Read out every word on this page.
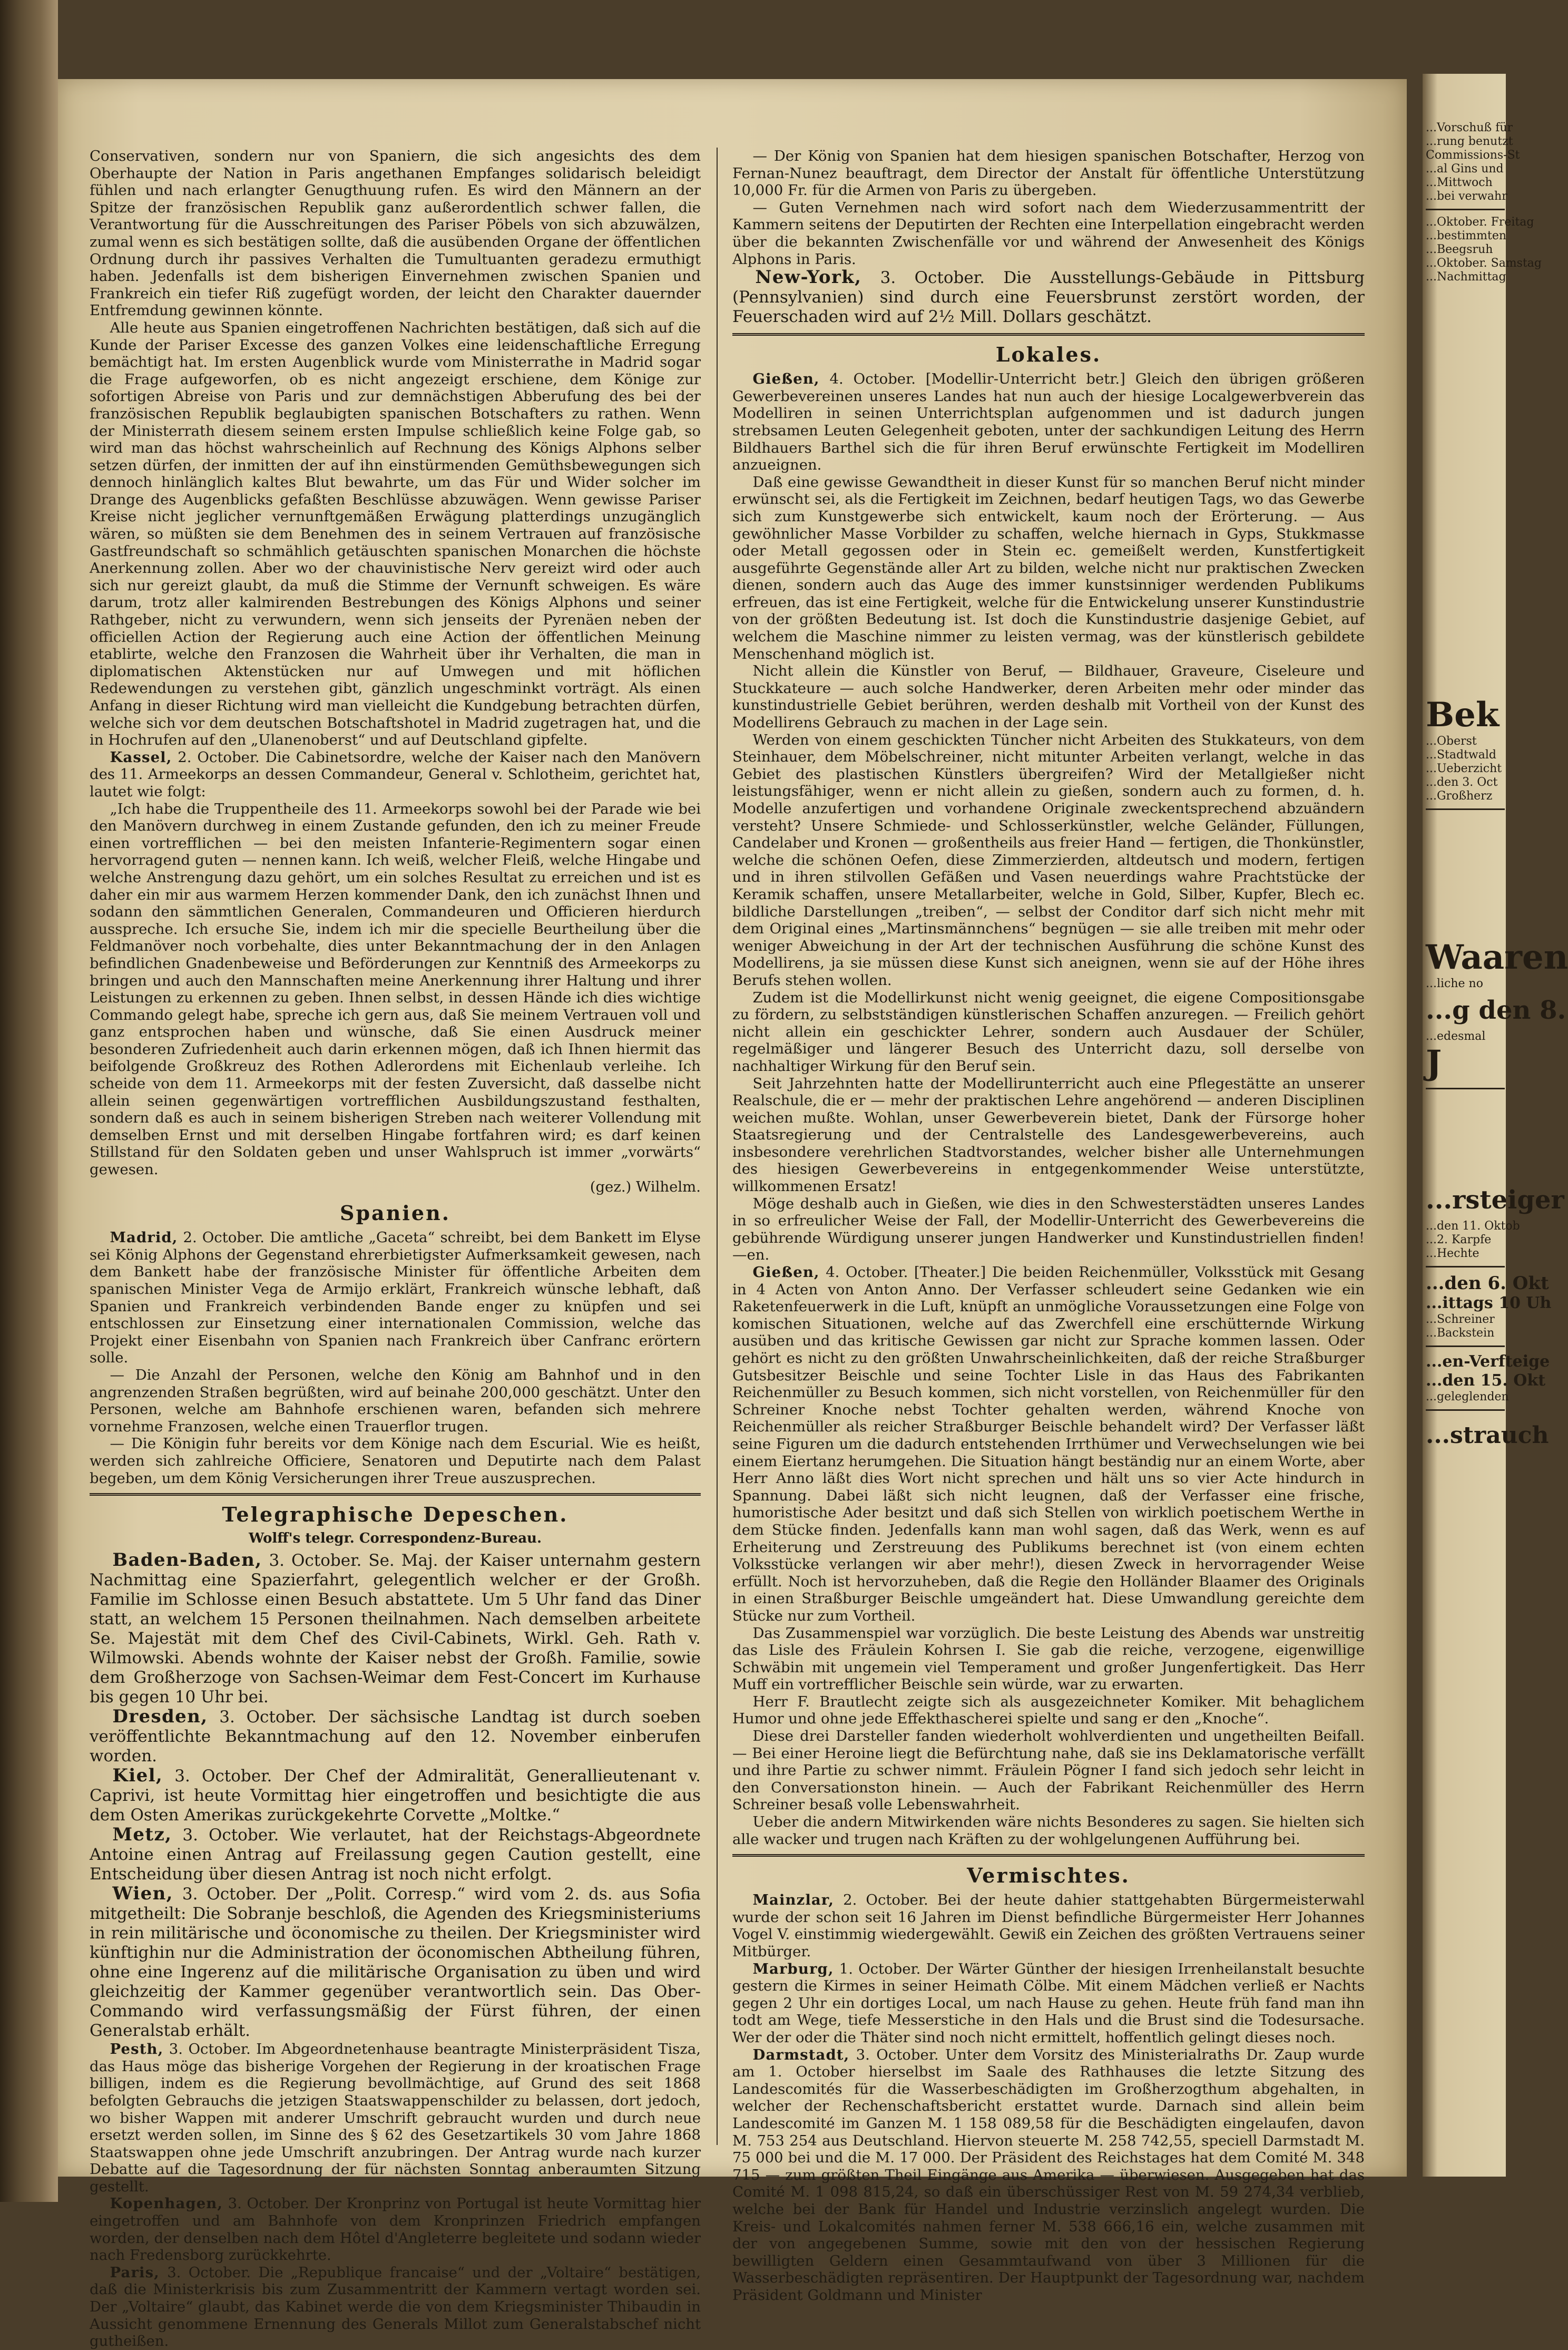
Conservativen, sondern nur von Spaniern, die sich angesichts des dem Oberhaupte der Nation in Paris angethanen Empfanges solidarisch beleidigt fühlen und nach erlangter Genugthuung rufen. Es wird den Männern an der Spitze der französischen Republik ganz außerordentlich schwer fallen, die Verantwortung für die Ausschreitungen des Pariser Pöbels von sich abzuwälzen, zumal wenn es sich bestätigen sollte, daß die ausübenden Organe der öffentlichen Ordnung durch ihr passives Verhalten die Tumultuanten geradezu ermuthigt haben. Jedenfalls ist dem bisherigen Einvernehmen zwischen Spanien und Frankreich ein tiefer Riß zugefügt worden, der leicht den Charakter dauernder Entfremdung gewinnen könnte.

Alle heute aus Spanien eingetroffenen Nachrichten bestätigen, daß sich auf die Kunde der Pariser Excesse des ganzen Volkes eine leidenschaftliche Erregung bemächtigt hat. Im ersten Augenblick wurde vom Ministerrathe in Madrid sogar die Frage aufgeworfen, ob es nicht angezeigt erschiene, dem Könige zur sofortigen Abreise von Paris und zur demnächstigen Abberufung des bei der französischen Republik beglaubigten spanischen Botschafters zu rathen. Wenn der Ministerrath diesem seinem ersten Impulse schließlich keine Folge gab, so wird man das höchst wahrscheinlich auf Rechnung des Königs Alphons selber setzen dürfen, der inmitten der auf ihn einstürmenden Gemüthsbewegungen sich dennoch hinlänglich kaltes Blut bewahrte, um das Für und Wider solcher im Drange des Augenblicks gefaßten Beschlüsse abzuwägen. Wenn gewisse Pariser Kreise nicht jeglicher vernunftgemäßen Erwägung platterdings unzugänglich wären, so müßten sie dem Benehmen des in seinem Vertrauen auf französische Gastfreundschaft so schmählich getäuschten spanischen Monarchen die höchste Anerkennung zollen. Aber wo der chauvinistische Nerv gereizt wird oder auch sich nur gereizt glaubt, da muß die Stimme der Vernunft schweigen. Es wäre darum, trotz aller kalmirenden Bestrebungen des Königs Alphons und seiner Rathgeber, nicht zu verwundern, wenn sich jenseits der Pyrenäen neben der officiellen Action der Regierung auch eine Action der öffentlichen Meinung etablirte, welche den Franzosen die Wahrheit über ihr Verhalten, die man in diplomatischen Aktenstücken nur auf Umwegen und mit höflichen Redewendungen zu verstehen gibt, gänzlich ungeschminkt vorträgt. Als einen Anfang in dieser Richtung wird man vielleicht die Kundgebung betrachten dürfen, welche sich vor dem deutschen Botschaftshotel in Madrid zugetragen hat, und die in Hochrufen auf den „Ulanenoberst“ und auf Deutschland gipfelte.

Kassel, 2. October. Die Cabinetsordre, welche der Kaiser nach den Manövern des 11. Armeekorps an dessen Commandeur, General v. Schlotheim, gerichtet hat, lautet wie folgt:

„Ich habe die Truppentheile des 11. Armeekorps sowohl bei der Parade wie bei den Manövern durchweg in einem Zustande gefunden, den ich zu meiner Freude einen vortrefflichen — bei den meisten Infanterie-Regimentern sogar einen hervorragend guten — nennen kann. Ich weiß, welcher Fleiß, welche Hingabe und welche Anstrengung dazu gehört, um ein solches Resultat zu erreichen und ist es daher ein mir aus warmem Herzen kommender Dank, den ich zunächst Ihnen und sodann den sämmtlichen Generalen, Commandeuren und Officieren hierdurch ausspreche. Ich ersuche Sie, indem ich mir die specielle Beurtheilung über die Feldmanöver noch vorbehalte, dies unter Bekanntmachung der in den Anlagen befindlichen Gnadenbeweise und Beförderungen zur Kenntniß des Armeekorps zu bringen und auch den Mannschaften meine Anerkennung ihrer Haltung und ihrer Leistungen zu erkennen zu geben. Ihnen selbst, in dessen Hände ich dies wichtige Commando gelegt habe, spreche ich gern aus, daß Sie meinem Vertrauen voll und ganz entsprochen haben und wünsche, daß Sie einen Ausdruck meiner besonderen Zufriedenheit auch darin erkennen mögen, daß ich Ihnen hiermit das beifolgende Großkreuz des Rothen Adlerordens mit Eichenlaub verleihe. Ich scheide von dem 11. Armeekorps mit der festen Zuversicht, daß dasselbe nicht allein seinen gegenwärtigen vortrefflichen Ausbildungszustand festhalten, sondern daß es auch in seinem bisherigen Streben nach weiterer Vollendung mit demselben Ernst und mit derselben Hingabe fortfahren wird; es darf keinen Stillstand für den Soldaten geben und unser Wahlspruch ist immer „vorwärts“ gewesen.

(gez.) Wilhelm.
Spanien.

Madrid, 2. October. Die amtliche „Gaceta“ schreibt, bei dem Bankett im Elyse sei König Alphons der Gegenstand ehrerbietigster Aufmerksamkeit gewesen, nach dem Bankett habe der französische Minister für öffentliche Arbeiten dem spanischen Minister Vega de Armijo erklärt, Frankreich wünsche lebhaft, daß Spanien und Frankreich verbindenden Bande enger zu knüpfen und sei entschlossen zur Einsetzung einer internationalen Commission, welche das Projekt einer Eisenbahn von Spanien nach Frankreich über Canfranc erörtern solle.

— Die Anzahl der Personen, welche den König am Bahnhof und in den angrenzenden Straßen begrüßten, wird auf beinahe 200,000 geschätzt. Unter den Personen, welche am Bahnhofe erschienen waren, befanden sich mehrere vornehme Franzosen, welche einen Trauerflor trugen.

— Die Königin fuhr bereits vor dem Könige nach dem Escurial. Wie es heißt, werden sich zahlreiche Officiere, Senatoren und Deputirte nach dem Palast begeben, um dem König Versicherungen ihrer Treue auszusprechen.

Telegraphische Depeschen.
Wolff's telegr. Correspondenz-Bureau.

Baden-Baden, 3. October. Se. Maj. der Kaiser unternahm gestern Nachmittag eine Spazierfahrt, gelegentlich welcher er der Großh. Familie im Schlosse einen Besuch abstattete. Um 5 Uhr fand das Diner statt, an welchem 15 Personen theilnahmen. Nach demselben arbeitete Se. Majestät mit dem Chef des Civil-Cabinets, Wirkl. Geh. Rath v. Wilmowski. Abends wohnte der Kaiser nebst der Großh. Familie, sowie dem Großherzoge von Sachsen-Weimar dem Fest-Concert im Kurhause bis gegen 10 Uhr bei.

Dresden, 3. October. Der sächsische Landtag ist durch soeben veröffentlichte Bekanntmachung auf den 12. November einberufen worden.

Kiel, 3. October. Der Chef der Admiralität, Generallieutenant v. Caprivi, ist heute Vormittag hier eingetroffen und besichtigte die aus dem Osten Amerikas zurückgekehrte Corvette „Moltke.“

Metz, 3. October. Wie verlautet, hat der Reichstags-Abgeordnete Antoine einen Antrag auf Freilassung gegen Caution gestellt, eine Entscheidung über diesen Antrag ist noch nicht erfolgt.

Wien, 3. October. Der „Polit. Corresp.“ wird vom 2. ds. aus Sofia mitgetheilt: Die Sobranje beschloß, die Agenden des Kriegsministeriums in rein militärische und öconomische zu theilen. Der Kriegsminister wird künftighin nur die Administration der öconomischen Abtheilung führen, ohne eine Ingerenz auf die militärische Organisation zu üben und wird gleichzeitig der Kammer gegenüber verantwortlich sein. Das Ober-Commando wird verfassungsmäßig der Fürst führen, der einen Generalstab erhält.

Pesth, 3. October. Im Abgeordnetenhause beantragte Ministerpräsident Tisza, das Haus möge das bisherige Vorgehen der Regierung in der kroatischen Frage billigen, indem es die Regierung bevollmächtige, auf Grund des seit 1868 befolgten Gebrauchs die jetzigen Staatswappenschilder zu belassen, dort jedoch, wo bisher Wappen mit anderer Umschrift gebraucht wurden und durch neue ersetzt werden sollen, im Sinne des § 62 des Gesetzartikels 30 vom Jahre 1868 Staatswappen ohne jede Umschrift anzubringen. Der Antrag wurde nach kurzer Debatte auf die Tagesordnung der für nächsten Sonntag anberaumten Sitzung gestellt.

Kopenhagen, 3. October. Der Kronprinz von Portugal ist heute Vormittag hier eingetroffen und am Bahnhofe von dem Kronprinzen Friedrich empfangen worden, der denselben nach dem Hôtel d'Angleterre begleitete und sodann wieder nach Fredensborg zurückkehrte.

Paris, 3. October. Die „Republique francaise“ und der „Voltaire“ bestätigen, daß die Ministerkrisis bis zum Zusammentritt der Kammern vertagt worden sei. Der „Voltaire“ glaubt, das Kabinet werde die von dem Kriegsminister Thibaudin in Aussicht genommene Ernennung des Generals Millot zum Generalstabschef nicht gutheißen.

— Der König von Spanien hat dem hiesigen spanischen Botschafter, Herzog von Fernan-Nunez beauftragt, dem Director der Anstalt für öffentliche Unterstützung 10,000 Fr. für die Armen von Paris zu übergeben.

— Guten Vernehmen nach wird sofort nach dem Wiederzusammentritt der Kammern seitens der Deputirten der Rechten eine Interpellation eingebracht werden über die bekannten Zwischenfälle vor und während der Anwesenheit des Königs Alphons in Paris.

New-York, 3. October. Die Ausstellungs-Gebäude in Pittsburg (Pennsylvanien) sind durch eine Feuersbrunst zerstört worden, der Feuerschaden wird auf 2½ Mill. Dollars geschätzt.

Lokales.

Gießen, 4. October. [Modellir-Unterricht betr.] Gleich den übrigen größeren Gewerbevereinen unseres Landes hat nun auch der hiesige Localgewerbverein das Modelliren in seinen Unterrichtsplan aufgenommen und ist dadurch jungen strebsamen Leuten Gelegenheit geboten, unter der sachkundigen Leitung des Herrn Bildhauers Barthel sich die für ihren Beruf erwünschte Fertigkeit im Modelliren anzueignen.

Daß eine gewisse Gewandtheit in dieser Kunst für so manchen Beruf nicht minder erwünscht sei, als die Fertigkeit im Zeichnen, bedarf heutigen Tags, wo das Gewerbe sich zum Kunstgewerbe sich entwickelt, kaum noch der Erörterung. — Aus gewöhnlicher Masse Vorbilder zu schaffen, welche hiernach in Gyps, Stukkmasse oder Metall gegossen oder in Stein ec. gemeißelt werden, Kunstfertigkeit ausgeführte Gegenstände aller Art zu bilden, welche nicht nur praktischen Zwecken dienen, sondern auch das Auge des immer kunstsinniger werdenden Publikums erfreuen, das ist eine Fertigkeit, welche für die Entwickelung unserer Kunstindustrie von der größten Bedeutung ist. Ist doch die Kunstindustrie dasjenige Gebiet, auf welchem die Maschine nimmer zu leisten vermag, was der künstlerisch gebildete Menschenhand möglich ist.

Nicht allein die Künstler von Beruf, — Bildhauer, Graveure, Ciseleure und Stuckkateure — auch solche Handwerker, deren Arbeiten mehr oder minder das kunstindustrielle Gebiet berühren, werden deshalb mit Vortheil von der Kunst des Modellirens Gebrauch zu machen in der Lage sein.

Werden von einem geschickten Tüncher nicht Arbeiten des Stukkateurs, von dem Steinhauer, dem Möbelschreiner, nicht mitunter Arbeiten verlangt, welche in das Gebiet des plastischen Künstlers übergreifen? Wird der Metallgießer nicht leistungsfähiger, wenn er nicht allein zu gießen, sondern auch zu formen, d. h. Modelle anzufertigen und vorhandene Originale zweckentsprechend abzuändern versteht? Unsere Schmiede- und Schlosserkünstler, welche Geländer, Füllungen, Candelaber und Kronen — großentheils aus freier Hand — fertigen, die Thonkünstler, welche die schönen Oefen, diese Zimmerzierden, altdeutsch und modern, fertigen und in ihren stilvollen Gefäßen und Vasen neuerdings wahre Prachtstücke der Keramik schaffen, unsere Metallarbeiter, welche in Gold, Silber, Kupfer, Blech ec. bildliche Darstellungen „treiben“, — selbst der Conditor darf sich nicht mehr mit dem Original eines „Martinsmännchens“ begnügen — sie alle treiben mit mehr oder weniger Abweichung in der Art der technischen Ausführung die schöne Kunst des Modellirens, ja sie müssen diese Kunst sich aneignen, wenn sie auf der Höhe ihres Berufs stehen wollen.

Zudem ist die Modellirkunst nicht wenig geeignet, die eigene Compositionsgabe zu fördern, zu selbstständigen künstlerischen Schaffen anzuregen. — Freilich gehört nicht allein ein geschickter Lehrer, sondern auch Ausdauer der Schüler, regelmäßiger und längerer Besuch des Unterricht dazu, soll derselbe von nachhaltiger Wirkung für den Beruf sein.

Seit Jahrzehnten hatte der Modellirunterricht auch eine Pflegestätte an unserer Realschule, die er — mehr der praktischen Lehre angehörend — anderen Disciplinen weichen mußte. Wohlan, unser Gewerbeverein bietet, Dank der Fürsorge hoher Staatsregierung und der Centralstelle des Landesgewerbevereins, auch insbesondere verehrlichen Stadtvorstandes, welcher bisher alle Unternehmungen des hiesigen Gewerbevereins in entgegenkommender Weise unterstützte, willkommenen Ersatz!

Möge deshalb auch in Gießen, wie dies in den Schwesterstädten unseres Landes in so erfreulicher Weise der Fall, der Modellir-Unterricht des Gewerbevereins die gebührende Würdigung unserer jungen Handwerker und Kunstindustriellen finden! —en.

Gießen, 4. October. [Theater.] Die beiden Reichenmüller, Volksstück mit Gesang in 4 Acten von Anton Anno. Der Verfasser schleudert seine Gedanken wie ein Raketenfeuerwerk in die Luft, knüpft an unmögliche Voraussetzungen eine Folge von komischen Situationen, welche auf das Zwerchfell eine erschütternde Wirkung ausüben und das kritische Gewissen gar nicht zur Sprache kommen lassen. Oder gehört es nicht zu den größten Unwahrscheinlichkeiten, daß der reiche Straßburger Gutsbesitzer Beischle und seine Tochter Lisle in das Haus des Fabrikanten Reichenmüller zu Besuch kommen, sich nicht vorstellen, von Reichenmüller für den Schreiner Knoche nebst Tochter gehalten werden, während Knoche von Reichenmüller als reicher Straßburger Beischle behandelt wird? Der Verfasser läßt seine Figuren um die dadurch entstehenden Irrthümer und Verwechselungen wie bei einem Eiertanz herumgehen. Die Situation hängt beständig nur an einem Worte, aber Herr Anno läßt dies Wort nicht sprechen und hält uns so vier Acte hindurch in Spannung. Dabei läßt sich nicht leugnen, daß der Verfasser eine frische, humoristische Ader besitzt und daß sich Stellen von wirklich poetischem Werthe in dem Stücke finden. Jedenfalls kann man wohl sagen, daß das Werk, wenn es auf Erheiterung und Zerstreuung des Publikums berechnet ist (von einem echten Volksstücke verlangen wir aber mehr!), diesen Zweck in hervorragender Weise erfüllt. Noch ist hervorzuheben, daß die Regie den Holländer Blaamer des Originals in einen Straßburger Beischle umgeändert hat. Diese Umwandlung gereichte dem Stücke nur zum Vortheil.

Das Zusammenspiel war vorzüglich. Die beste Leistung des Abends war unstreitig das Lisle des Fräulein Kohrsen I. Sie gab die reiche, verzogene, eigenwillige Schwäbin mit ungemein viel Temperament und großer Jungenfertigkeit. Das Herr Muff ein vortrefflicher Beischle sein würde, war zu erwarten.

Herr F. Brautlecht zeigte sich als ausgezeichneter Komiker. Mit behaglichem Humor und ohne jede Effekthascherei spielte und sang er den „Knoche“.

Diese drei Darsteller fanden wiederholt wohlverdienten und ungetheilten Beifall. — Bei einer Heroine liegt die Befürchtung nahe, daß sie ins Deklamatorische verfällt und ihre Partie zu schwer nimmt. Fräulein Pögner I fand sich jedoch sehr leicht in den Conversationston hinein. — Auch der Fabrikant Reichenmüller des Herrn Schreiner besaß volle Lebenswahrheit.

Ueber die andern Mitwirkenden wäre nichts Besonderes zu sagen. Sie hielten sich alle wacker und trugen nach Kräften zu der wohlgelungenen Aufführung bei.

Vermischtes.

Mainzlar, 2. October. Bei der heute dahier stattgehabten Bürgermeisterwahl wurde der schon seit 16 Jahren im Dienst befindliche Bürgermeister Herr Johannes Vogel V. einstimmig wiedergewählt. Gewiß ein Zeichen des größten Vertrauens seiner Mitbürger.

Marburg, 1. October. Der Wärter Günther der hiesigen Irrenheilanstalt besuchte gestern die Kirmes in seiner Heimath Cölbe. Mit einem Mädchen verließ er Nachts gegen 2 Uhr ein dortiges Local, um nach Hause zu gehen. Heute früh fand man ihn todt am Wege, tiefe Messerstiche in den Hals und die Brust sind die Todesursache. Wer der oder die Thäter sind noch nicht ermittelt, hoffentlich gelingt dieses noch.

Darmstadt, 3. October. Unter dem Vorsitz des Ministerialraths Dr. Zaup wurde am 1. October hierselbst im Saale des Rathhauses die letzte Sitzung des Landescomités für die Wasserbeschädigten im Großherzogthum abgehalten, in welcher der Rechenschaftsbericht erstattet wurde. Darnach sind allein beim Landescomité im Ganzen M. 1 158 089,58 für die Beschädigten eingelaufen, davon M. 753 254 aus Deutschland. Hiervon steuerte M. 258 742,55, speciell Darmstadt M. 75 000 bei und die M. 17 000. Der Präsident des Reichstages hat dem Comité M. 348 715 — zum größten Theil Eingänge aus Amerika — überwiesen. Ausgegeben hat das Comité M. 1 098 815,24, so daß ein überschüssiger Rest von M. 59 274,34 verblieb, welche bei der Bank für Handel und Industrie verzinslich angelegt wurden. Die Kreis- und Lokalcomités nahmen ferner M. 538 666,16 ein, welche zusammen mit der von angegebenen Summe, sowie mit den von der hessischen Regierung bewilligten Geldern einen Gesammtaufwand von über 3 Millionen für die Wasserbeschädigten repräsentiren. Der Hauptpunkt der Tagesordnung war, nachdem Präsident Goldmann und Minister

...Vorschuß für
...rung benutzt
Commissions-St
...al Gins und
...Mittwoch
...bei verwahr
...Oktober. Freitag
...bestimmten
...Beegsruh
...Oktober. Samstag
...Nachmittag
Bek
...Oberst
...Stadtwald
...Ueberzicht
...den 3. Oct
...Großherz
Waaren
...liche no
...g den 8.
...edesmal
J
...rsteiger
...den 11. Oktob
...2. Karpfe
...Hechte
...den 6. Okt
...ittags 10 Uh
...Schreiner
...Backstein
...en-Verfteige
...den 15. Okt
...geleglenden
...strauch
